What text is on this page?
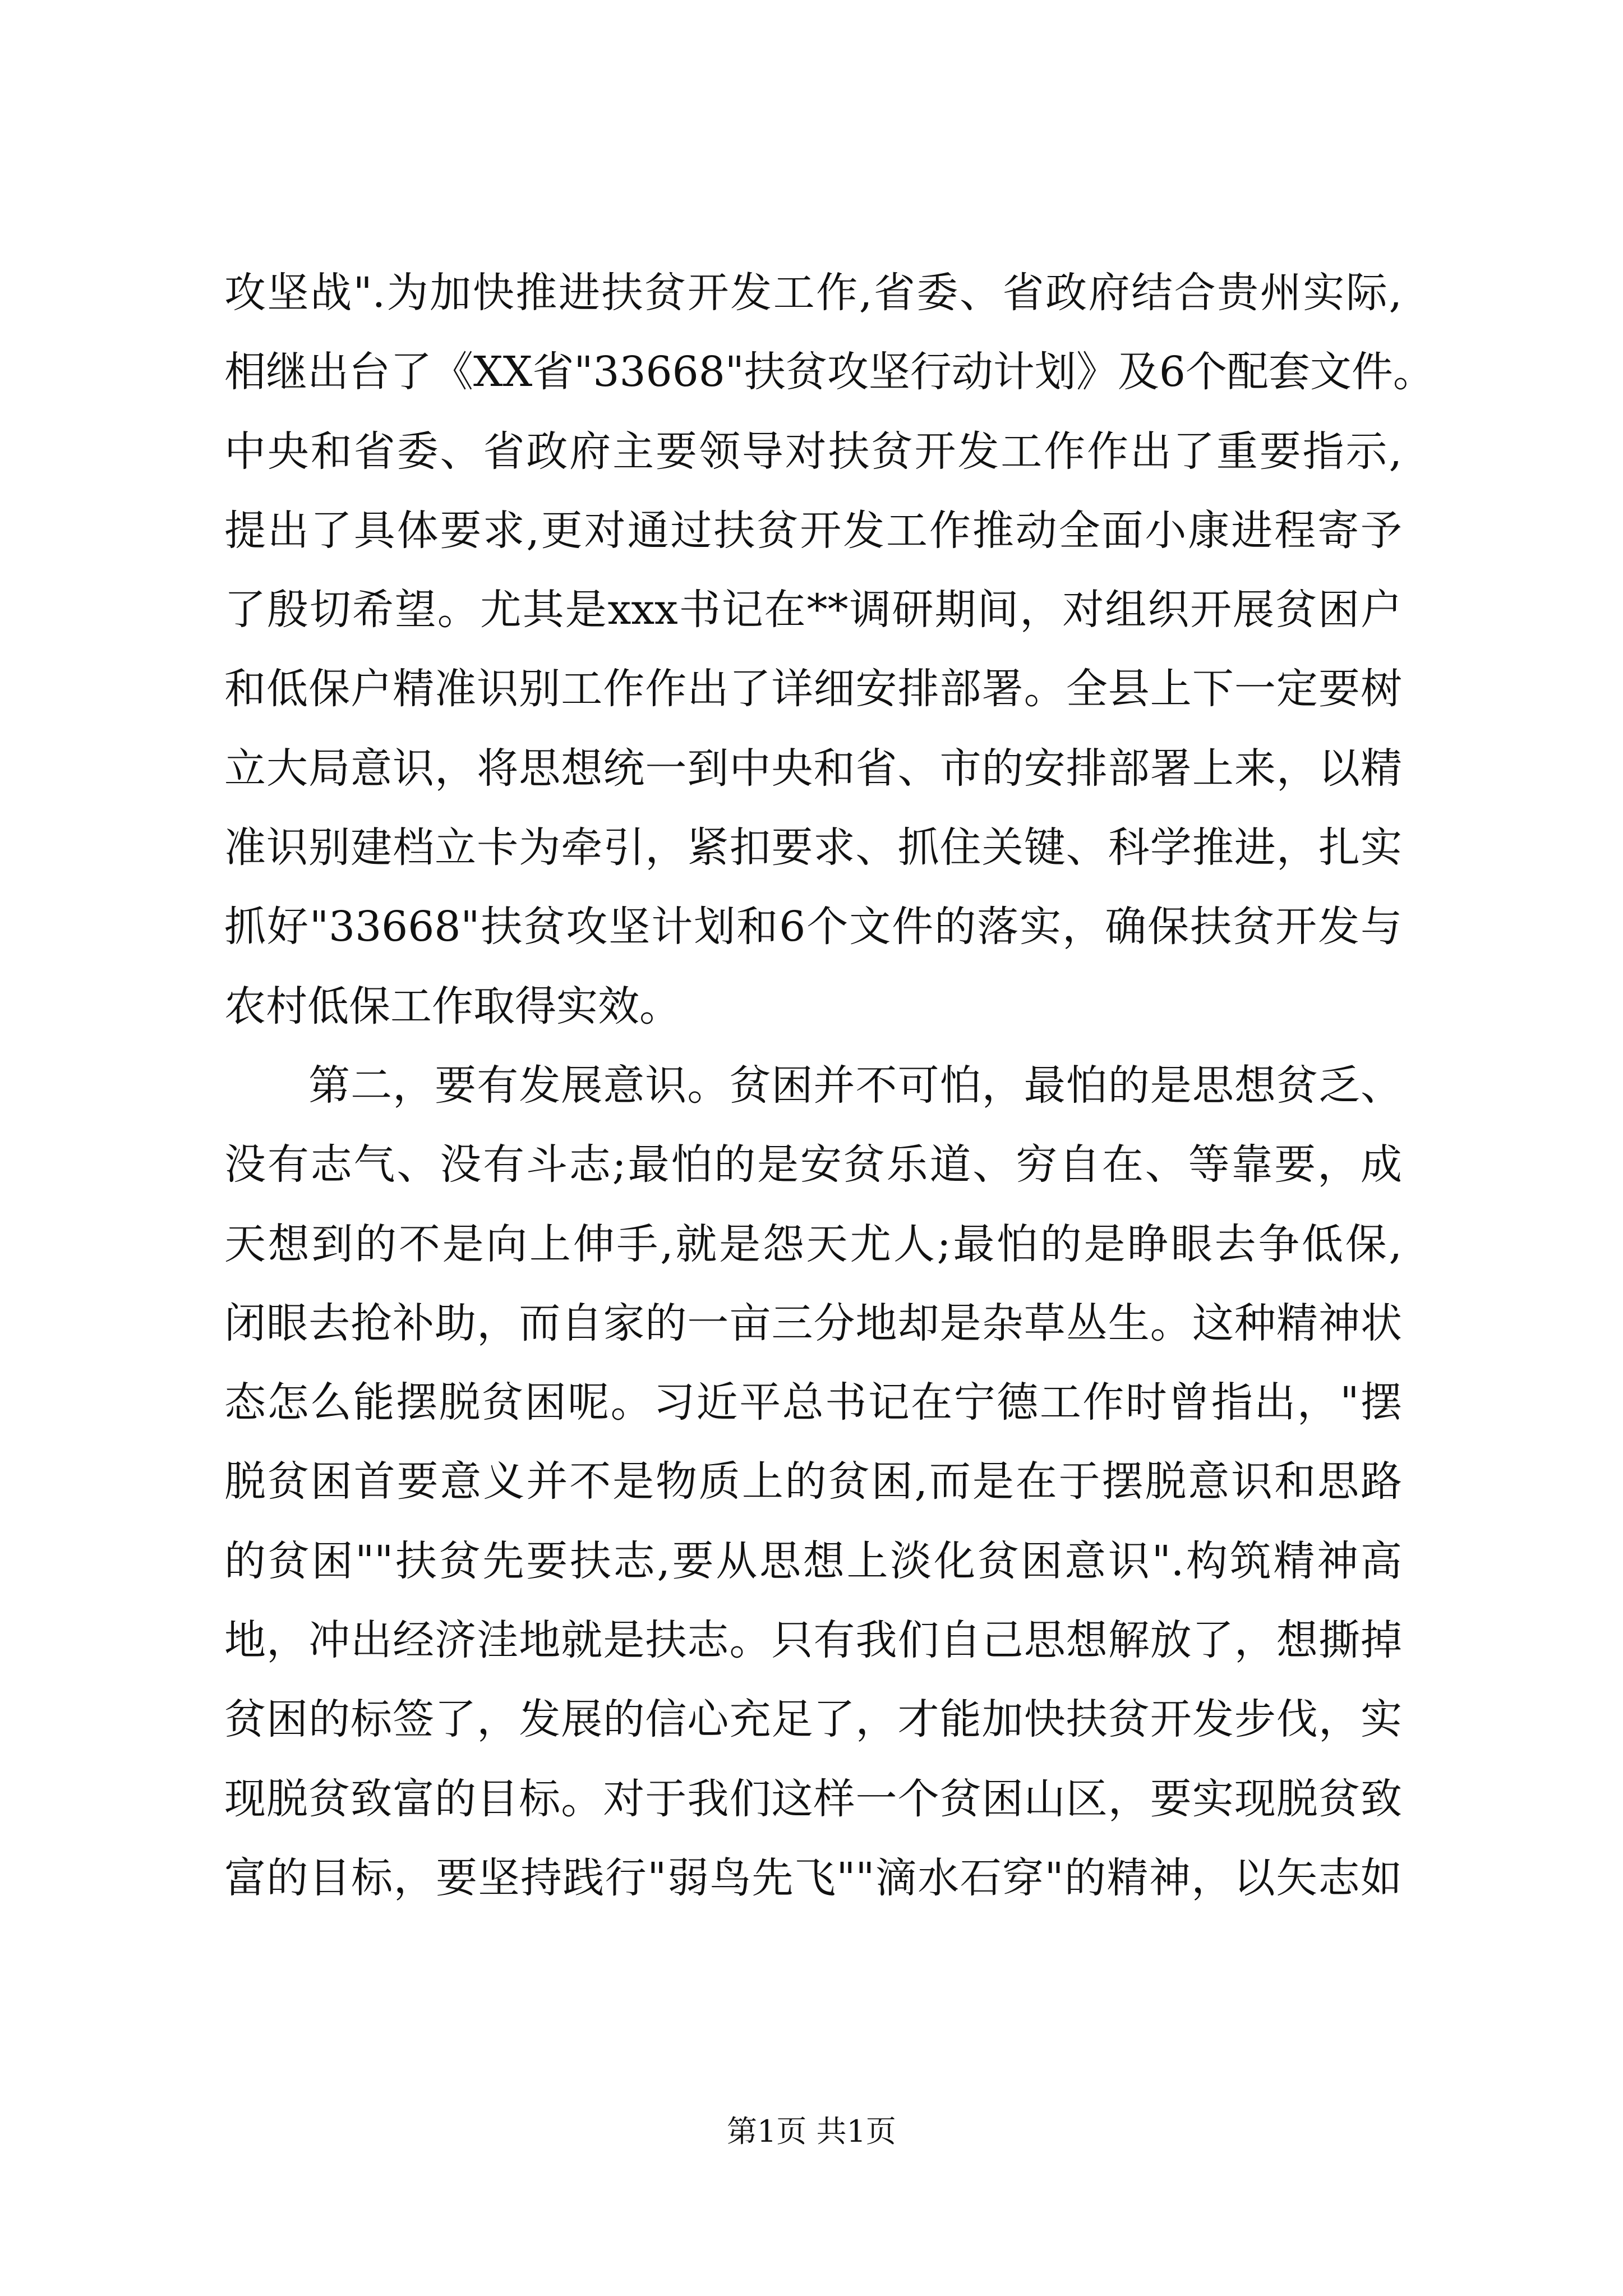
攻坚战".为加快推进扶贫开发工作,省委、省政府结合贵州实际,
相继出台了《XX省"33668"扶贫攻坚行动计划》及6个配套文件。
中央和省委、省政府主要领导对扶贫开发工作作出了重要指示,
提出了具体要求,更对通过扶贫开发工作推动全面小康进程寄予
了殷切希望。尤其是xxx书记在**调研期间，对组织开展贫困户
和低保户精准识别工作作出了详细安排部署。全县上下一定要树
立大局意识，将思想统一到中央和省、市的安排部署上来，以精
准识别建档立卡为牵引，紧扣要求、抓住关键、科学推进，扎实
抓好"33668"扶贫攻坚计划和6个文件的落实，确保扶贫开发与
农村低保工作取得实效。
　　第二，要有发展意识。贫困并不可怕，最怕的是思想贫乏、
没有志气、没有斗志;最怕的是安贫乐道、穷自在、等靠要，成
天想到的不是向上伸手,就是怨天尤人;最怕的是睁眼去争低保,
闭眼去抢补助，而自家的一亩三分地却是杂草丛生。这种精神状
态怎么能摆脱贫困呢。习近平总书记在宁德工作时曾指出，"摆
脱贫困首要意义并不是物质上的贫困,而是在于摆脱意识和思路
的贫困""扶贫先要扶志,要从思想上淡化贫困意识".构筑精神高
地，冲出经济洼地就是扶志。只有我们自己思想解放了，想撕掉
贫困的标签了，发展的信心充足了，才能加快扶贫开发步伐，实
现脱贫致富的目标。对于我们这样一个贫困山区，要实现脱贫致
富的目标，要坚持践行"弱鸟先飞""滴水石穿"的精神，以矢志如
第1页 共1页
